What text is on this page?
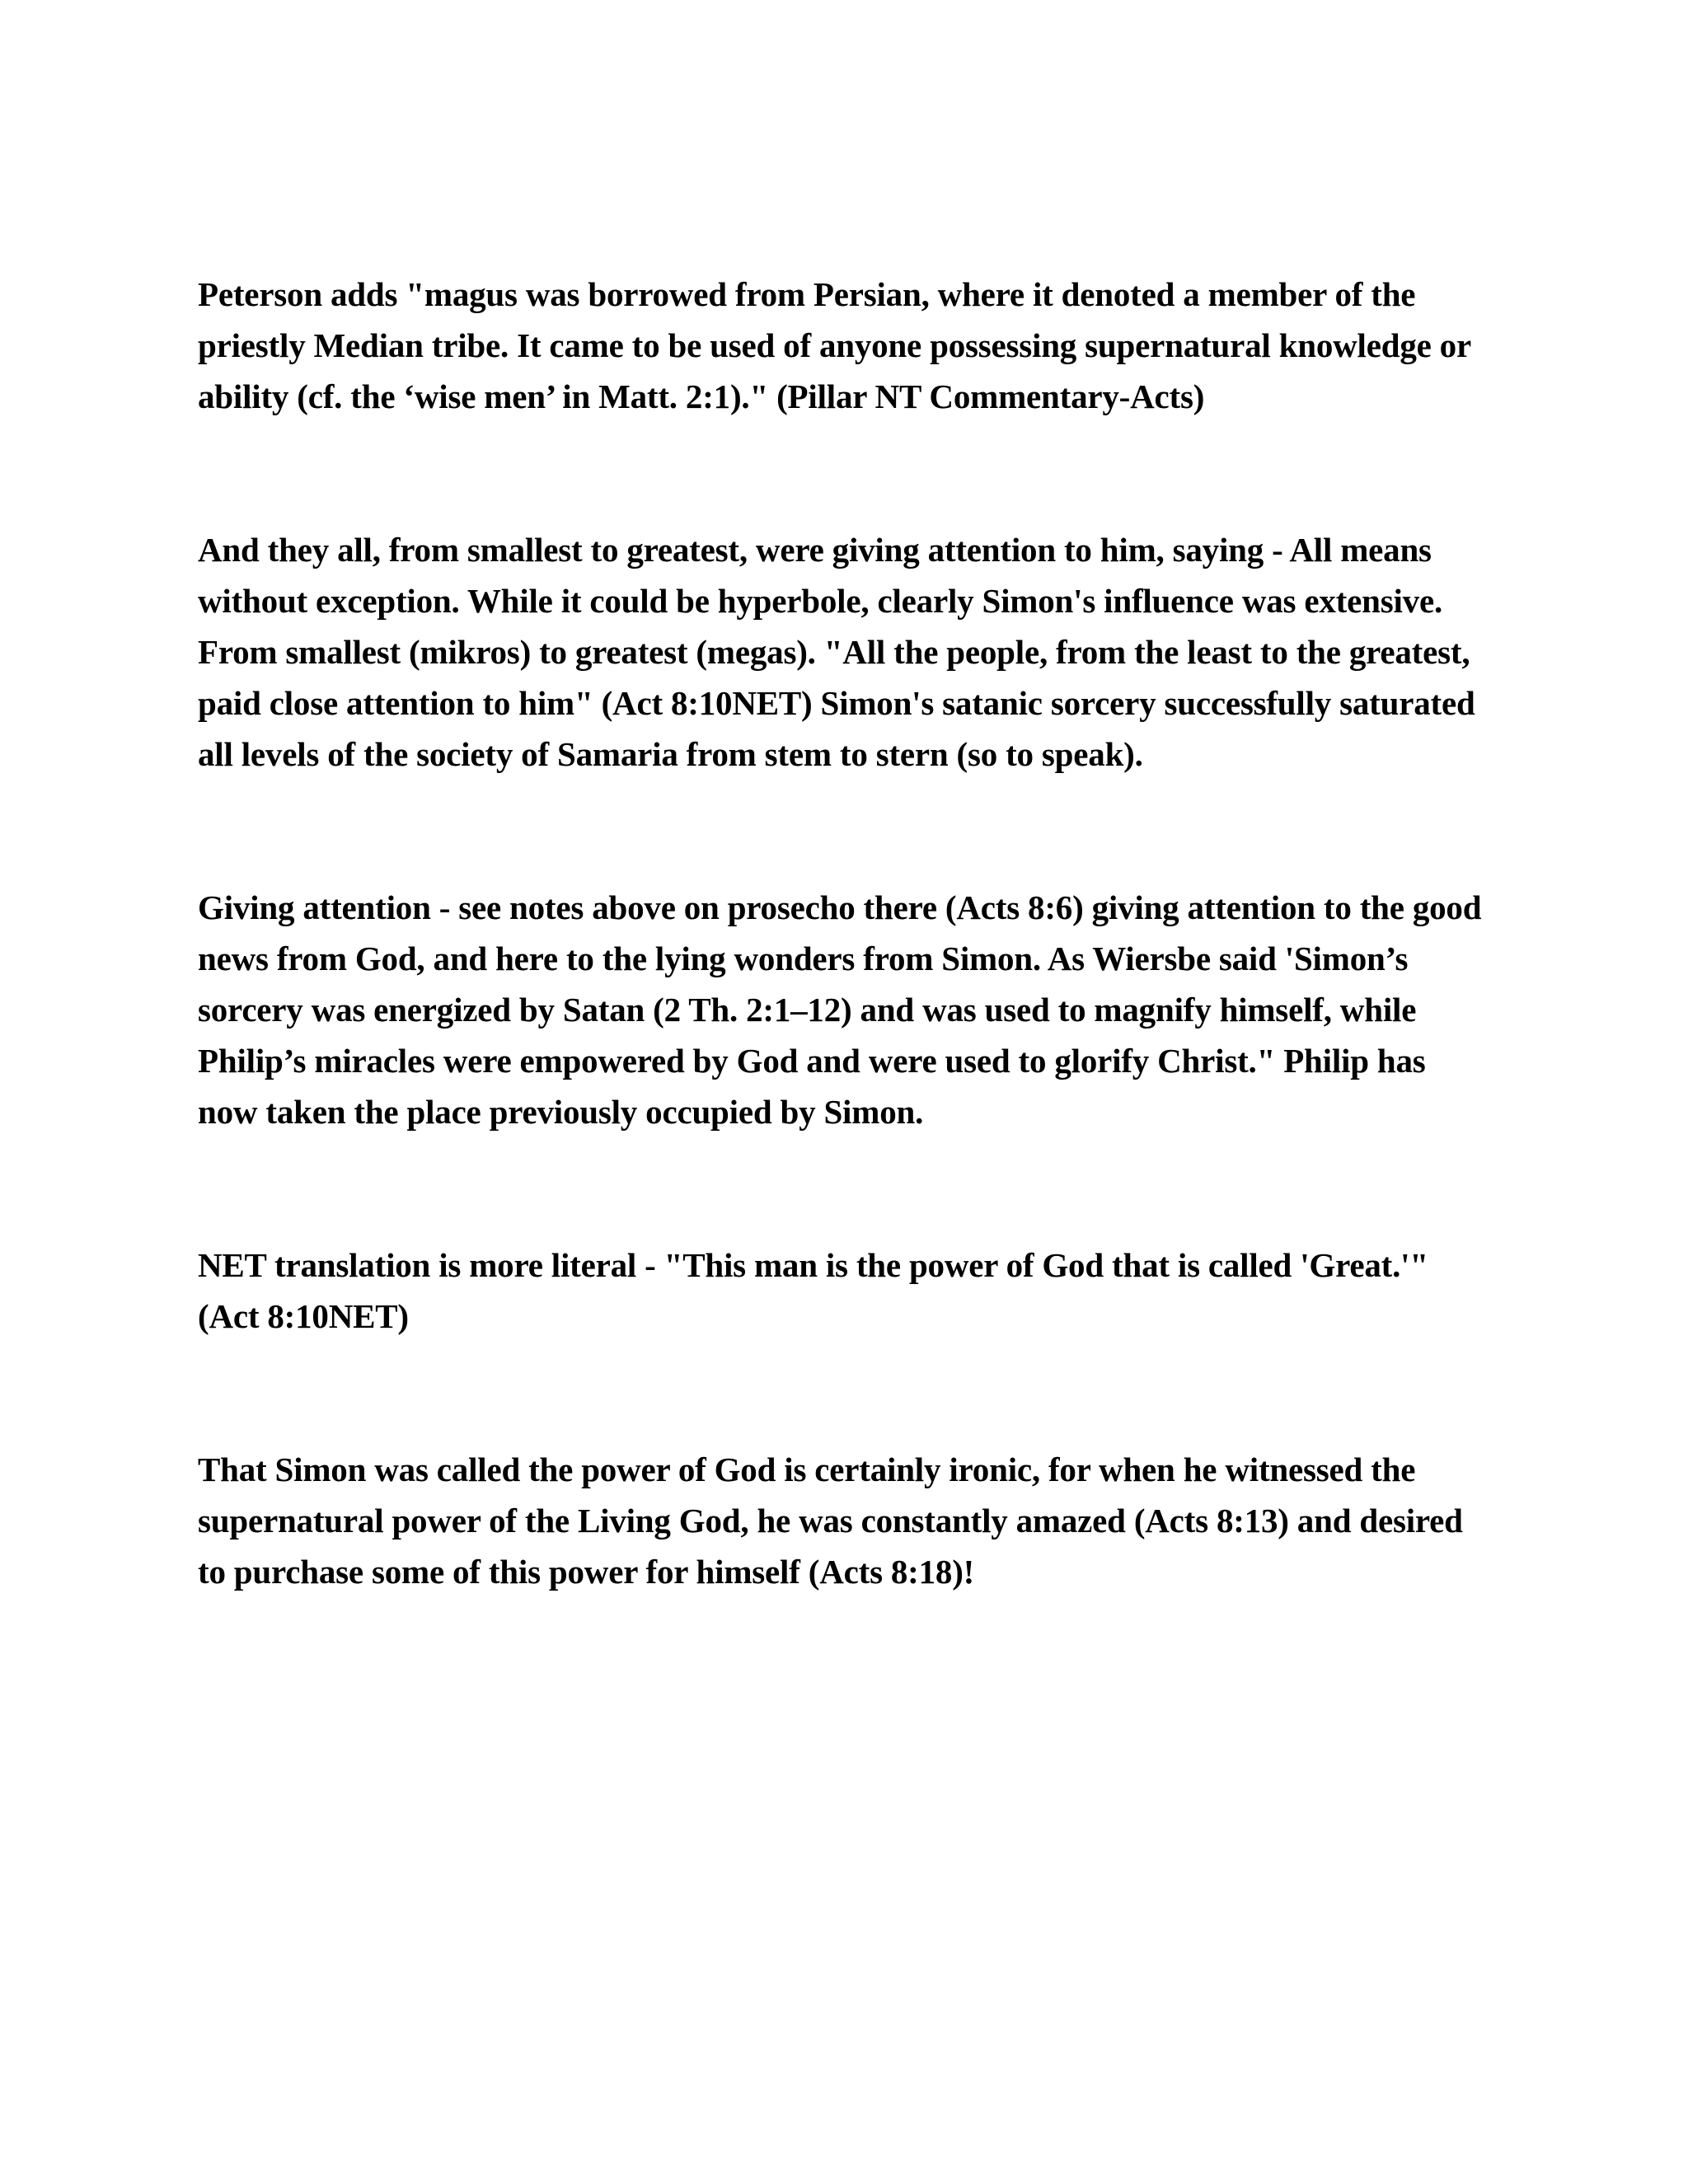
Peterson adds "magus was borrowed from Persian, where it denoted a member of the priestly Median tribe. It came to be used of anyone possessing supernatural knowledge or ability (cf. the ‘wise men’ in Matt. 2:1)." (Pillar NT Commentary-Acts)

And they all, from smallest to greatest, were giving attention to him, saying - All means without exception. While it could be hyperbole, clearly Simon's influence was extensive. From smallest (mikros) to greatest (megas). "All the people, from the least to the greatest, paid close attention to him" (Act 8:10NET) Simon's satanic sorcery successfully saturated all levels of the society of Samaria from stem to stern (so to speak).

Giving attention - see notes above on prosecho there (Acts 8:6) giving attention to the good news from God, and here to the lying wonders from Simon. As Wiersbe said 'Simon’s sorcery was energized by Satan (2 Th. 2:1–12) and was used to magnify himself, while Philip’s miracles were empowered by God and were used to glorify Christ." Philip has now taken the place previously occupied by Simon.

NET translation is more literal - "This man is the power of God that is called 'Great.'" (Act 8:10NET)

That Simon was called the power of God is certainly ironic, for when he witnessed the supernatural power of the Living God, he was constantly amazed (Acts 8:13) and desired to purchase some of this power for himself (Acts 8:18)!
